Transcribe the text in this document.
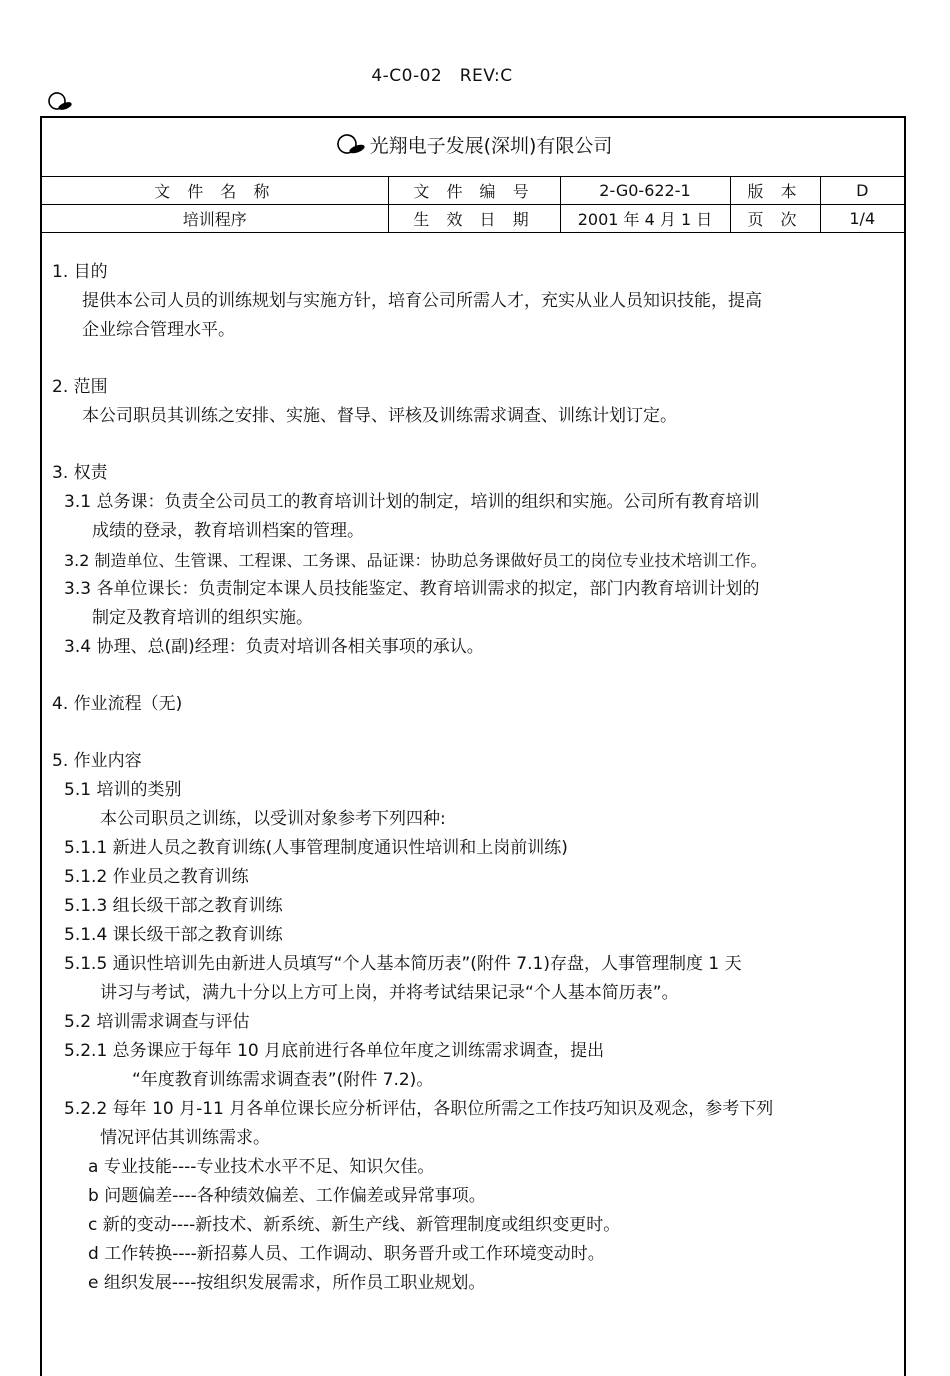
4-C0-02　REV:C
光翔电子发展(深圳)有限公司				

文 件 名 称	文 件 编 号	2-G0-622-1	版 本	D
培训程序	生 效 日 期	2001 年 4 月 1 日	页 次	1/4
1. 目的
提供本公司人员的训练规划与实施方针，培育公司所需人才，充实从业人员知识技能，提高
企业综合管理水平。
2. 范围
本公司职员其训练之安排、实施、督导、评核及训练需求调查、训练计划订定。
3. 权责
3.1 总务课：负责全公司员工的教育培训计划的制定，培训的组织和实施。公司所有教育培训
成绩的登录，教育培训档案的管理。
3.2 制造单位、生管课、工程课、工务课、品证课：协助总务课做好员工的岗位专业技术培训工作。
3.3 各单位课长：负责制定本课人员技能鉴定、教育培训需求的拟定，部门内教育培训计划的
制定及教育培训的组织实施。
3.4 协理、总(副)经理：负责对培训各相关事项的承认。
4. 作业流程（无)
5. 作业内容
5.1 培训的类别
本公司职员之训练，以受训对象参考下列四种:
5.1.1 新进人员之教育训练(人事管理制度通识性培训和上岗前训练)
5.1.2 作业员之教育训练
5.1.3 组长级干部之教育训练
5.1.4 课长级干部之教育训练
5.1.5 通识性培训先由新进人员填写“个人基本简历表”(附件 7.1)存盘，人事管理制度 1 天
讲习与考试，满九十分以上方可上岗，并将考试结果记录“个人基本简历表”。
5.2 培训需求调查与评估
5.2.1 总务课应于每年 10 月底前进行各单位年度之训练需求调查，提出
“年度教育训练需求调查表”(附件 7.2)。
5.2.2 每年 10 月-11 月各单位课长应分析评估，各职位所需之工作技巧知识及观念，参考下列
情况评估其训练需求。
a 专业技能----专业技术水平不足、知识欠佳。
b 问题偏差----各种绩效偏差、工作偏差或异常事项。
c 新的变动----新技术、新系统、新生产线、新管理制度或组织变更时。
d 工作转换----新招募人员、工作调动、职务晋升或工作环境变动时。
e 组织发展----按组织发展需求，所作员工职业规划。
